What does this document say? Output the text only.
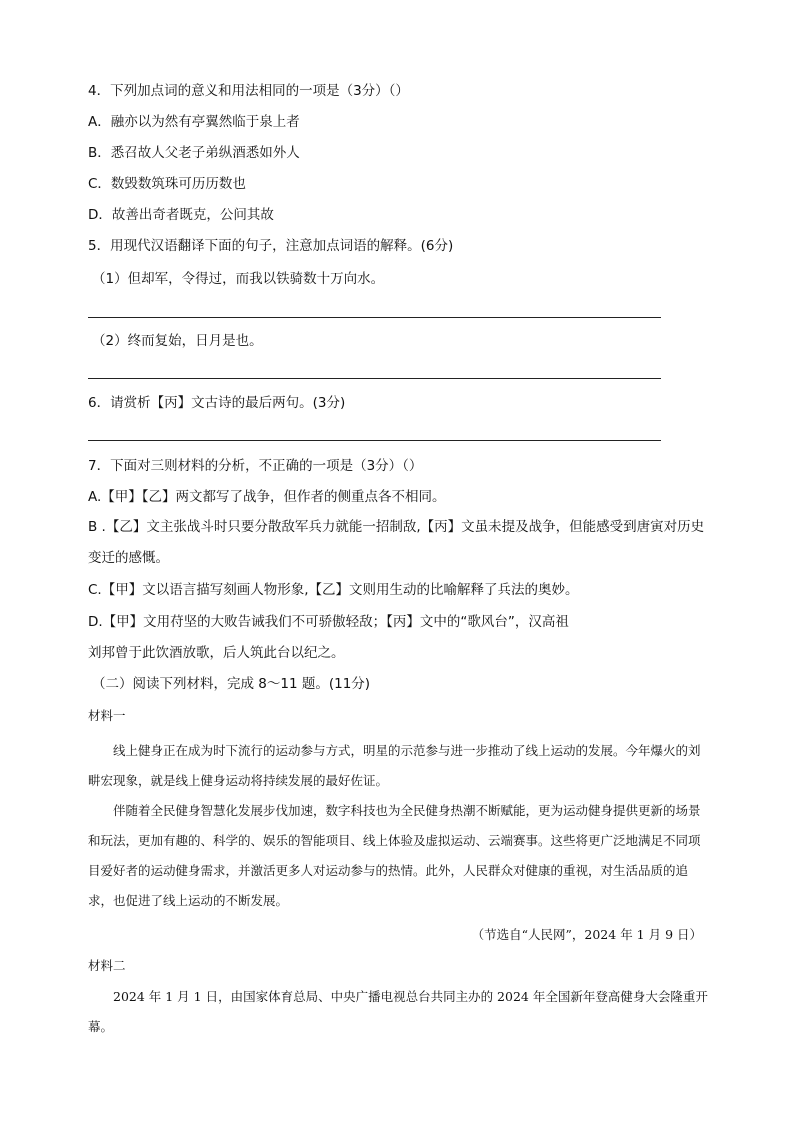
4．下列加点词的意义和用法相同的一项是（3分）（）
A．融亦以为然有亭翼然临于泉上者
B．悉召故人父老子弟纵酒悉如外人
C．数毁数筑珠可历历数也
D．故善出奇者既克，公问其故
5．用现代汉语翻译下面的句子，注意加点词语的解释。(6分)
（1）但却军，令得过，而我以铁骑数十万向水。
（2）终而复始，日月是也。
6．请赏析【丙】文古诗的最后两句。(3分)
7．下面对三则材料的分析，不正确的一项是（3分）（）
A.【甲】【乙】两文都写了战争，但作者的侧重点各不相同。
B .【乙】文主张战斗时只要分散敌军兵力就能一招制敌,【丙】文虽未提及战争，但能感受到唐寅对历史变迁的感慨。
C.【甲】文以语言描写刻画人物形象,【乙】文则用生动的比喻解释了兵法的奥妙。
D.【甲】文用苻坚的大败告诫我们不可骄傲轻敌；【丙】文中的“歌风台”，汉高祖
刘邦曾于此饮酒放歌，后人筑此台以纪之。
（二）阅读下列材料，完成 8～11 题。(11分)
材料一
线上健身正在成为时下流行的运动参与方式，明星的示范参与进一步推动了线上运动的发展。今年爆火的刘畊宏现象，就是线上健身运动将持续发展的最好佐证。
伴随着全民健身智慧化发展步伐加速，数字科技也为全民健身热潮不断赋能，更为运动健身提供更新的场景和玩法，更加有趣的、科学的、娱乐的智能项目、线上体验及虚拟运动、云端赛事。这些将更广泛地满足不同项目爱好者的运动健身需求，并激活更多人对运动参与的热情。此外，人民群众对健康的重视，对生活品质的追求，也促进了线上运动的不断发展。
（节选自“人民网”，2024 年 1 月 9 日）
材料二
2024 年 1 月 1 日，由国家体育总局、中央广播电视总台共同主办的 2024 年全国新年登高健身大会隆重开幕。
